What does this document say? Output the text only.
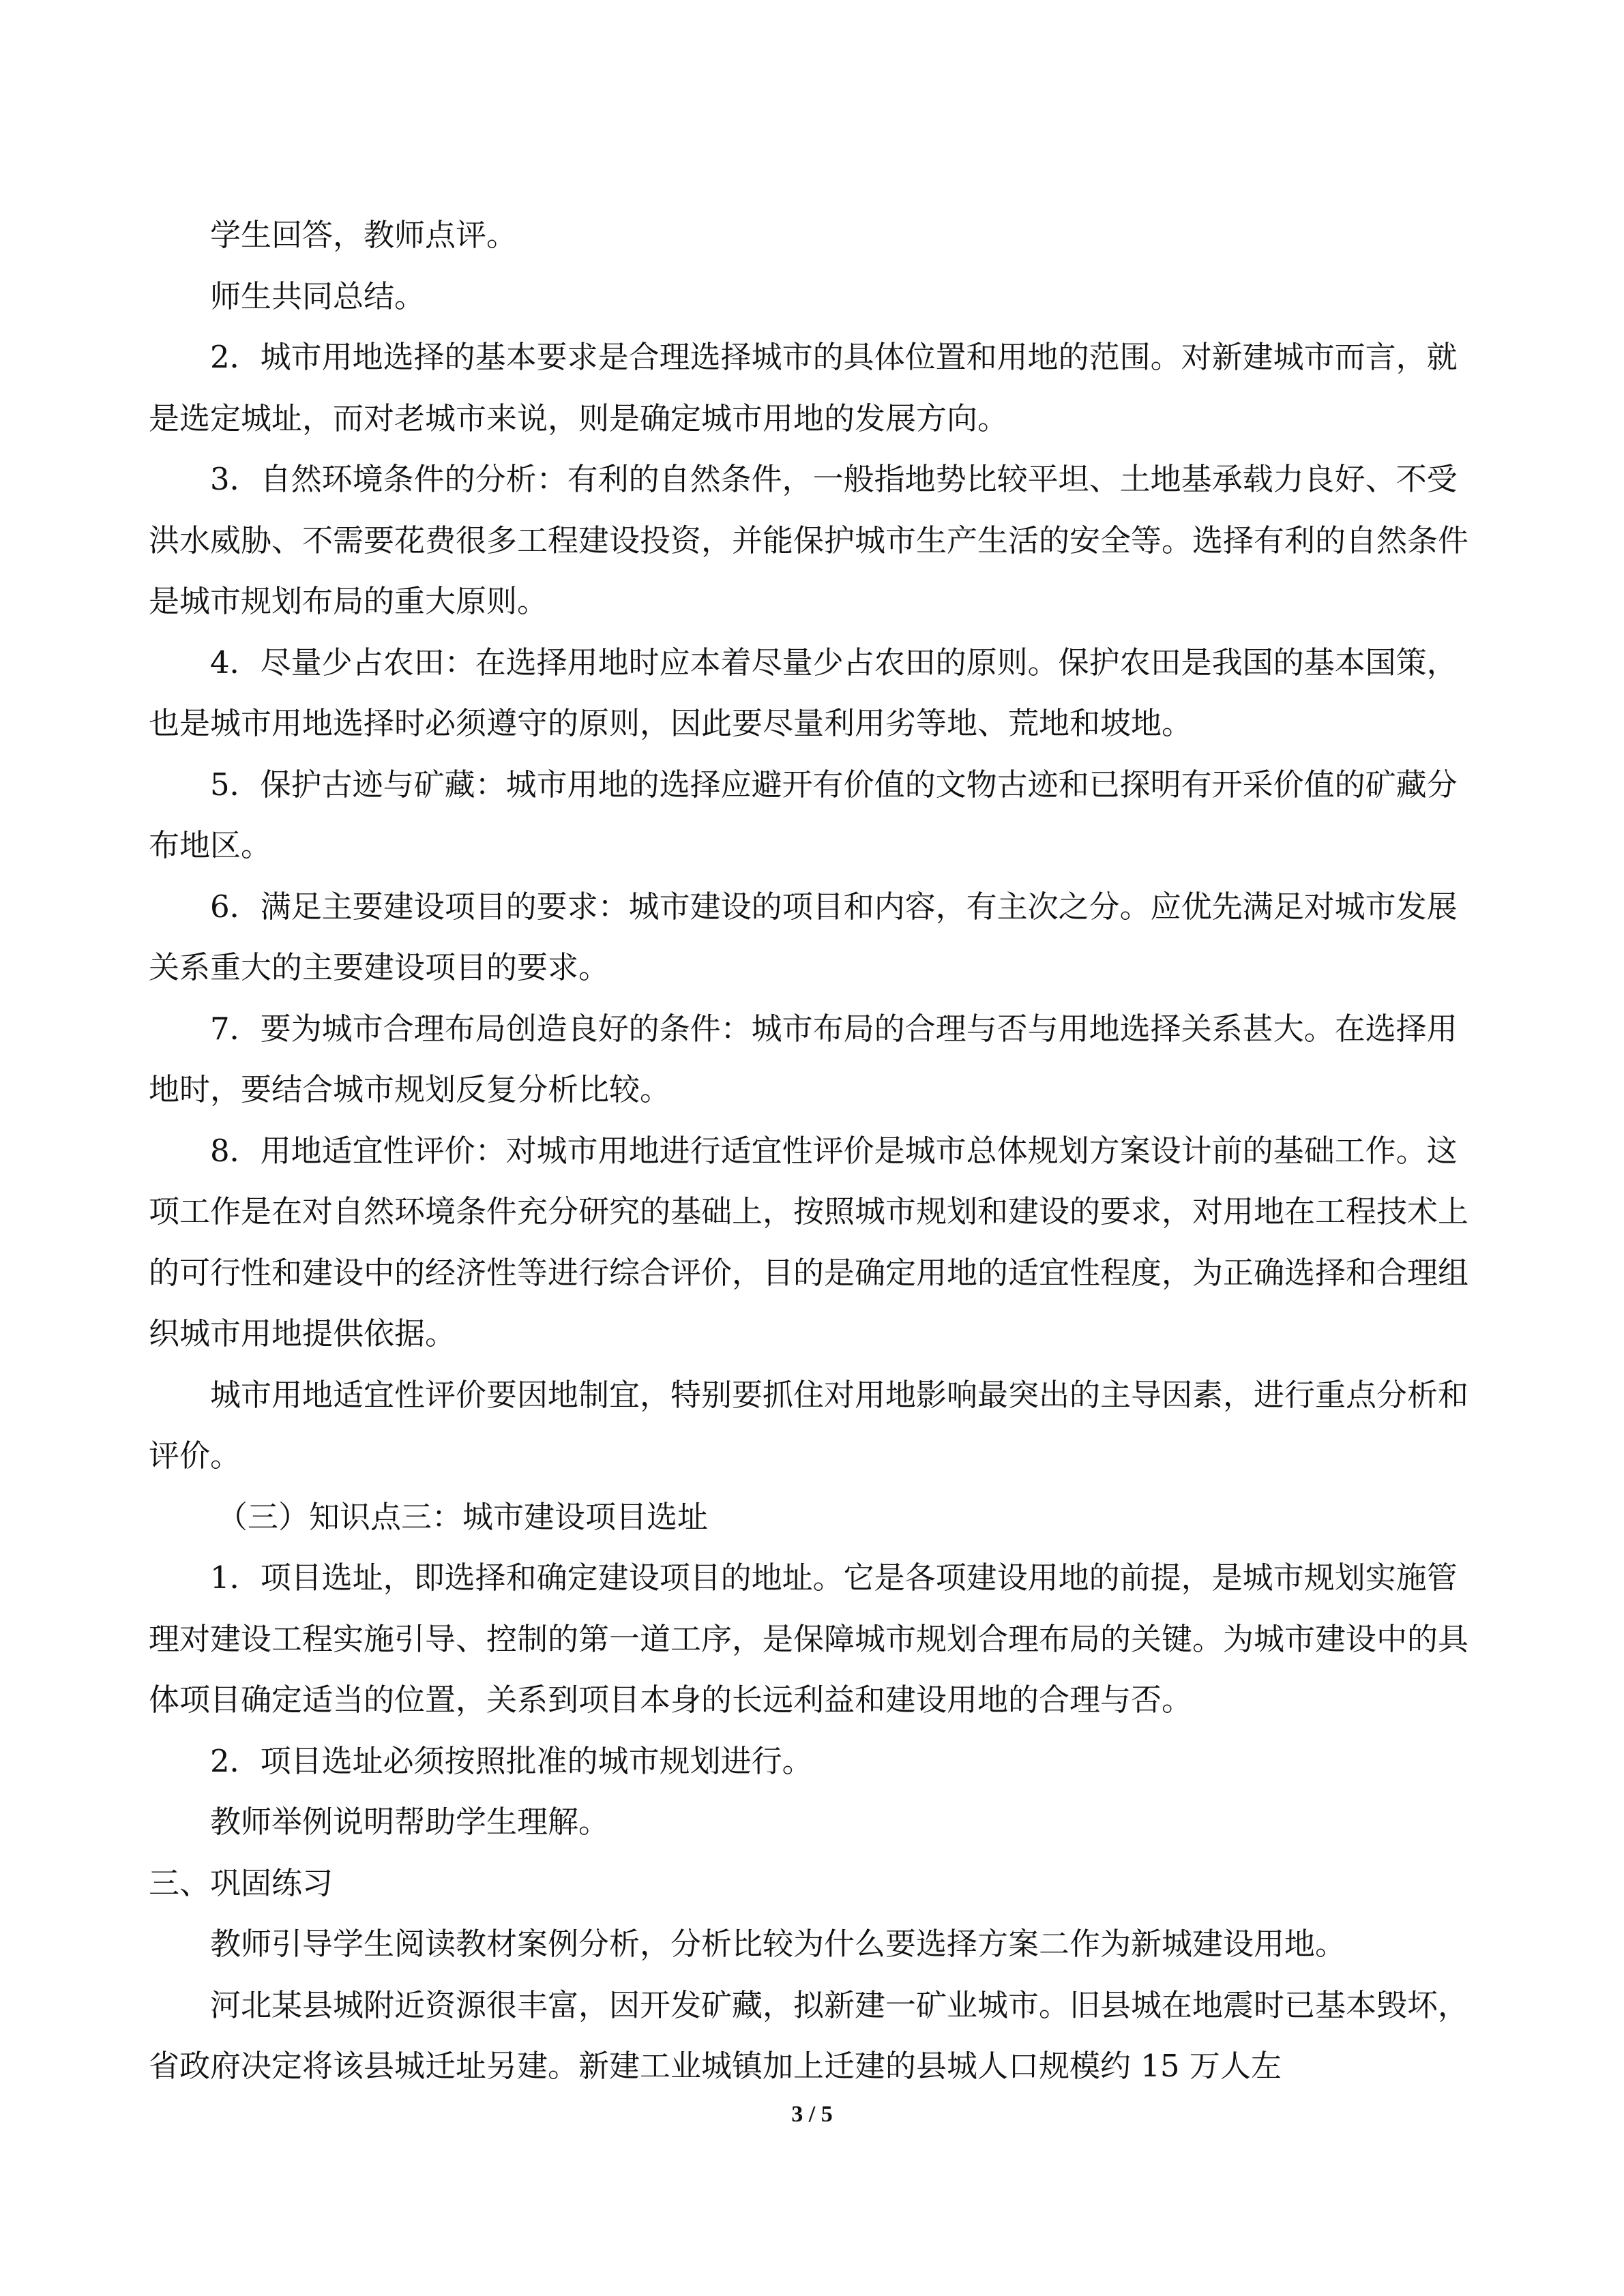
学生回答，教师点评。

师生共同总结。

2．城市用地选择的基本要求是合理选择城市的具体位置和用地的范围。对新建城市而言，就是选定城址，而对老城市来说，则是确定城市用地的发展方向。

3．自然环境条件的分析：有利的自然条件，一般指地势比较平坦、土地基承载力良好、不受洪水威胁、不需要花费很多工程建设投资，并能保护城市生产生活的安全等。选择有利的自然条件是城市规划布局的重大原则。

4．尽量少占农田：在选择用地时应本着尽量少占农田的原则。保护农田是我国的基本国策，也是城市用地选择时必须遵守的原则，因此要尽量利用劣等地、荒地和坡地。

5．保护古迹与矿藏：城市用地的选择应避开有价值的文物古迹和已探明有开采价值的矿藏分布地区。

6．满足主要建设项目的要求：城市建设的项目和内容，有主次之分。应优先满足对城市发展关系重大的主要建设项目的要求。

7．要为城市合理布局创造良好的条件：城市布局的合理与否与用地选择关系甚大。在选择用地时，要结合城市规划反复分析比较。

8．用地适宜性评价：对城市用地进行适宜性评价是城市总体规划方案设计前的基础工作。这项工作是在对自然环境条件充分研究的基础上，按照城市规划和建设的要求，对用地在工程技术上的可行性和建设中的经济性等进行综合评价，目的是确定用地的适宜性程度，为正确选择和合理组织城市用地提供依据。

城市用地适宜性评价要因地制宜，特别要抓住对用地影响最突出的主导因素，进行重点分析和评价。

（三）知识点三：城市建设项目选址

1．项目选址，即选择和确定建设项目的地址。它是各项建设用地的前提，是城市规划实施管理对建设工程实施引导、控制的第一道工序，是保障城市规划合理布局的关键。为城市建设中的具体项目确定适当的位置，关系到项目本身的长远利益和建设用地的合理与否。

2．项目选址必须按照批准的城市规划进行。

教师举例说明帮助学生理解。

三、巩固练习

教师引导学生阅读教材案例分析，分析比较为什么要选择方案二作为新城建设用地。

河北某县城附近资源很丰富，因开发矿藏，拟新建一矿业城市。旧县城在地震时已基本毁坏，省政府决定将该县城迁址另建。新建工业城镇加上迁建的县城人口规模约 15 万人左

3 / 5
